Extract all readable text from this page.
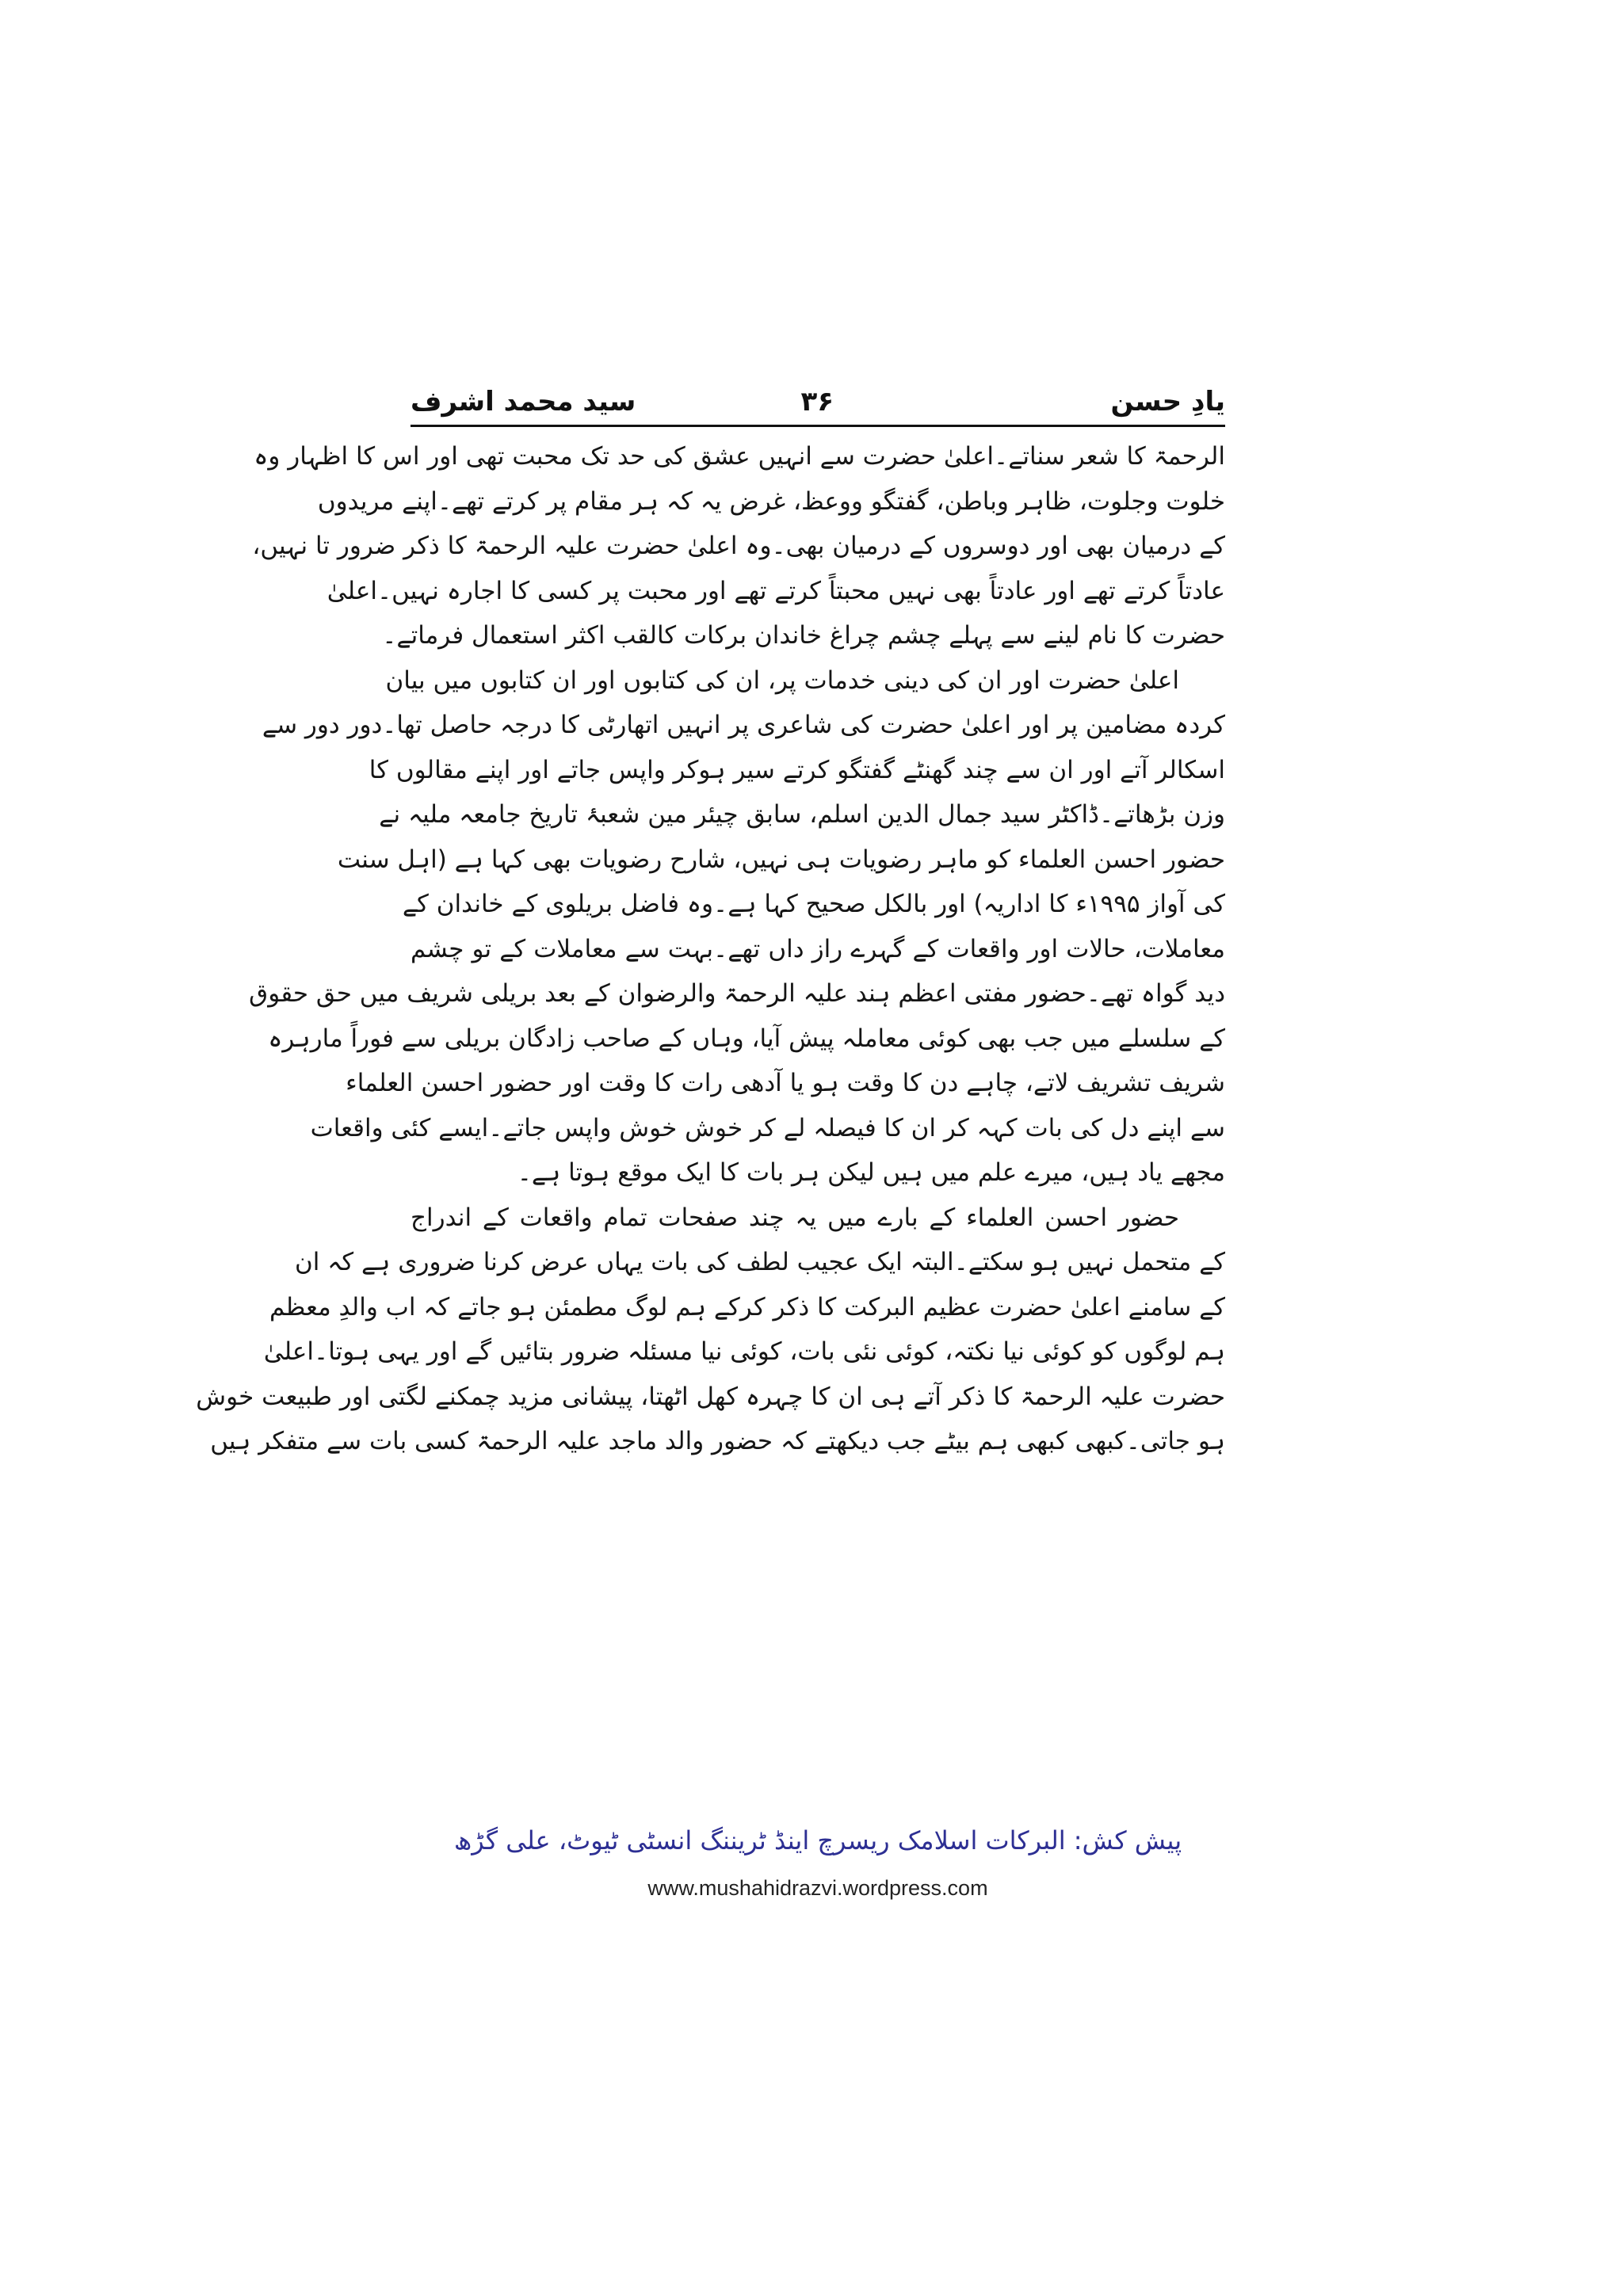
یادِ حسن
۳۶
سید محمد اشرف
الرحمۃ کا شعر سناتے۔اعلیٰ حضرت سے انہیں عشق کی حد تک محبت تھی اور اس کا اظہار وہ
خلوت وجلوت، ظاہر وباطن، گفتگو ووعظ، غرض یہ کہ ہر مقام پر کرتے تھے۔اپنے مریدوں
کے درمیان بھی اور دوسروں کے درمیان بھی۔وہ اعلیٰ حضرت علیہ الرحمۃ کا ذکر ضرور تا نہیں،
عادتاً کرتے تھے اور عادتاً بھی نہیں محبتاً کرتے تھے اور محبت پر کسی کا اجارہ نہیں۔اعلیٰ
حضرت کا نام لینے سے پہلے چشم چراغ خاندان برکات کالقب اکثر استعمال فرماتے۔
اعلیٰ حضرت اور ان کی دینی خدمات پر، ان کی کتابوں اور ان کتابوں میں بیان
کردہ مضامین پر اور اعلیٰ حضرت کی شاعری پر انہیں اتھارٹی کا درجہ حاصل تھا۔دور دور سے
اسکالر آتے اور ان سے چند گھنٹے گفتگو کرتے سیر ہوکر واپس جاتے اور اپنے مقالوں کا
وزن بڑھاتے۔ڈاکٹر سید جمال الدین اسلم، سابق چیئر مین شعبۂ تاریخ جامعہ ملیہ نے
حضور احسن العلماء کو ماہر رضویات ہی نہیں، شارح رضویات بھی کہا ہے (اہل سنت
کی آواز ۱۹۹۵ء کا اداریہ) اور بالکل صحیح کہا ہے۔وہ فاضل بریلوی کے خاندان کے
معاملات، حالات اور واقعات کے گہرے راز داں تھے۔بہت سے معاملات کے تو چشم
دید گواہ تھے۔حضور مفتی اعظم ہند علیہ الرحمۃ والرضوان کے بعد بریلی شریف میں حق حقوق
کے سلسلے میں جب بھی کوئی معاملہ پیش آیا، وہاں کے صاحب زادگان بریلی سے فوراً مارہرہ
شریف تشریف لاتے، چاہے دن کا وقت ہو یا آدھی رات کا وقت اور حضور احسن العلماء
سے اپنے دل کی بات کہہ کر ان کا فیصلہ لے کر خوش خوش واپس جاتے۔ایسے کئی واقعات
مجھے یاد ہیں، میرے علم میں ہیں لیکن ہر بات کا ایک موقع ہوتا ہے۔
حضور احسن العلماء کے بارے میں یہ چند صفحات تمام واقعات کے اندراج
کے متحمل نہیں ہو سکتے۔البتہ ایک عجیب لطف کی بات یہاں عرض کرنا ضروری ہے کہ ان
کے سامنے اعلیٰ حضرت عظیم البرکت کا ذکر کرکے ہم لوگ مطمئن ہو جاتے کہ اب والدِ معظم
ہم لوگوں کو کوئی نیا نکتہ، کوئی نئی بات، کوئی نیا مسئلہ ضرور بتائیں گے اور یہی ہوتا۔اعلیٰ
حضرت علیہ الرحمۃ کا ذکر آتے ہی ان کا چہرہ کھل اٹھتا، پیشانی مزید چمکنے لگتی اور طبیعت خوش
ہو جاتی۔کبھی کبھی ہم بیٹے جب دیکھتے کہ حضور والد ماجد علیہ الرحمۃ کسی بات سے متفکر ہیں
پیش کش: البرکات اسلامک ریسرچ اینڈ ٹریننگ انسٹی ٹیوٹ، علی گڑھ
www.mushahidrazvi.wordpress.com
